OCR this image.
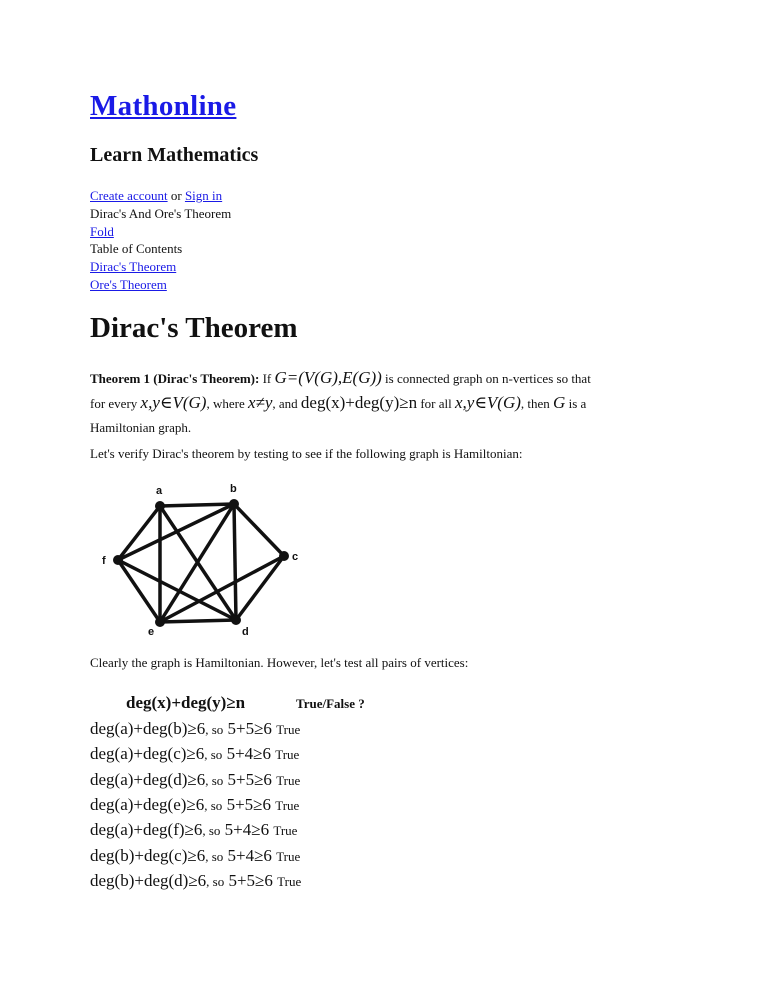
Mathonline
Learn Mathematics
Create account or Sign in
Dirac's And Ore's Theorem
Fold
Table of Contents
Dirac's Theorem
Ore's Theorem
Dirac's Theorem
Theorem 1 (Dirac's Theorem): If G=(V(G),E(G)) is connected graph on n-vertices so that
for every x,y∈V(G), where x≠y, and deg(x)+deg(y)≥n for all x,y∈V(G), then G is a
Hamiltonian graph.
Let's verify Dirac's theorem by testing to see if the following graph is Hamiltonian:
a	b
c
d
e
f
Clearly the graph is Hamiltonian. However, let's test all pairs of vertices:
deg(x)+deg(y)≥n	True/False ?
deg(a)+deg(b)≥6, so 5+5≥6 True
deg(a)+deg(c)≥6, so 5+4≥6 True
deg(a)+deg(d)≥6, so 5+5≥6 True
deg(a)+deg(e)≥6, so 5+5≥6 True
deg(a)+deg(f)≥6, so 5+4≥6 True
deg(b)+deg(c)≥6, so 5+4≥6 True
deg(b)+deg(d)≥6, so 5+5≥6 True
